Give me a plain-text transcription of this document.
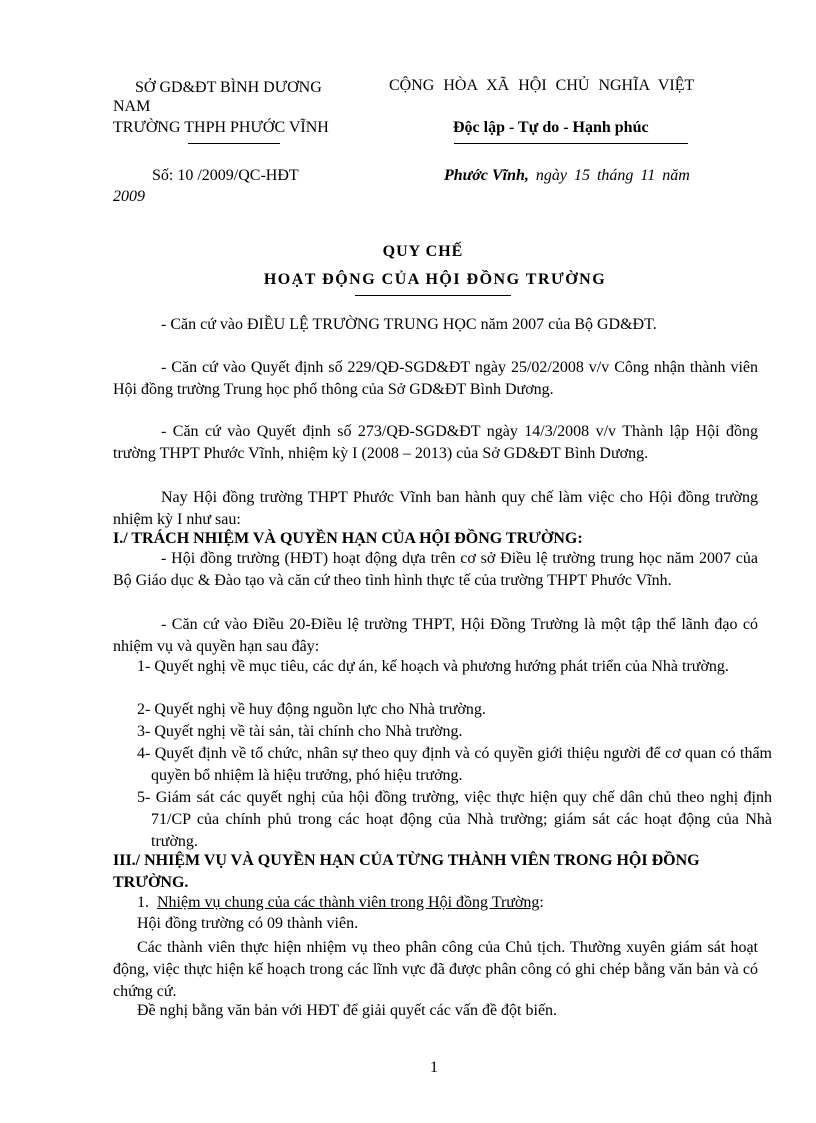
SỞ GD&ĐT BÌNH DƯƠNG
NAM
TRƯỜNG THPH PHƯỚC VĨNH
CỘNG HÒA XÃ HỘI CHỦ NGHĨA VIỆT
Độc lập - Tự do - Hạnh phúc
Số: 10 /2009/QC-HĐT
2009
Phước Vĩnh, ngày 15 tháng 11 năm
QUY CHẾ
HOẠT ĐỘNG CỦA HỘI ĐỒNG TRƯỜNG
- Căn cứ vào ĐIỀU LỆ TRƯỜNG TRUNG HỌC năm 2007 của Bộ GD&ĐT.
- Căn cứ vào Quyết định số 229/QĐ-SGD&ĐT ngày 25/02/2008 v/v Công nhận thành viên Hội đồng trường Trung học phổ thông của Sở GD&ĐT Bình Dương.
- Căn cứ vào Quyết định số 273/QĐ-SGD&ĐT ngày 14/3/2008 v/v Thành lập Hội đồng trường THPT Phước Vĩnh, nhiệm kỳ I (2008 – 2013) của Sở GD&ĐT Bình Dương.
Nay Hội đồng trường THPT Phước Vĩnh ban hành quy chế làm việc cho Hội đồng trường nhiệm kỳ I như sau:
I./ TRÁCH NHIỆM VÀ QUYỀN HẠN CỦA HỘI ĐỒNG TRƯỜNG:
- Hội đồng trường (HĐT) hoạt động dựa trên cơ sở Điều lệ trường trung học năm 2007 của Bộ Giáo dục & Đào tạo và căn cứ theo tình hình thực tế của trường THPT Phước Vĩnh.
- Căn cứ vào Điều 20-Điều lệ trường THPT, Hội Đồng Trường là một tập thể lãnh đạo có nhiệm vụ và quyền hạn sau đây:
1- Quyết nghị về mục tiêu, các dự án, kế hoạch và phương hướng phát triển của Nhà trường.
2- Quyết nghị về huy động nguồn lực cho Nhà trường.
3- Quyết nghị về tài sản, tài chính cho Nhà trường.
4- Quyết định về tổ chức, nhân sự theo quy định và có quyền giới thiệu người để cơ quan có thẩm quyền bổ nhiệm là hiệu trưởng, phó hiệu trưởng.
5- Giám sát các quyết nghị của hội đồng trường, việc thực hiện quy chế dân chủ theo nghị định 71/CP của chính phủ trong các hoạt động của Nhà trường; giám sát các hoạt động của Nhà trường.
III./ NHIỆM VỤ VÀ QUYỀN HẠN CỦA TỪNG THÀNH VIÊN TRONG HỘI ĐỒNG TRƯỜNG.
1. Nhiệm vụ chung của các thành viên trong Hội đồng Trường:
Hội đồng trường có 09 thành viên.
Các thành viên thực hiện nhiệm vụ theo phân công của Chủ tịch. Thường xuyên giám sát hoạt động, việc thực hiện kế hoạch trong các lĩnh vực đã được phân công có ghi chép bằng văn bản và có chứng cứ.
Đề nghị bằng văn bản với HĐT để giải quyết các vấn đề đột biến.
1
